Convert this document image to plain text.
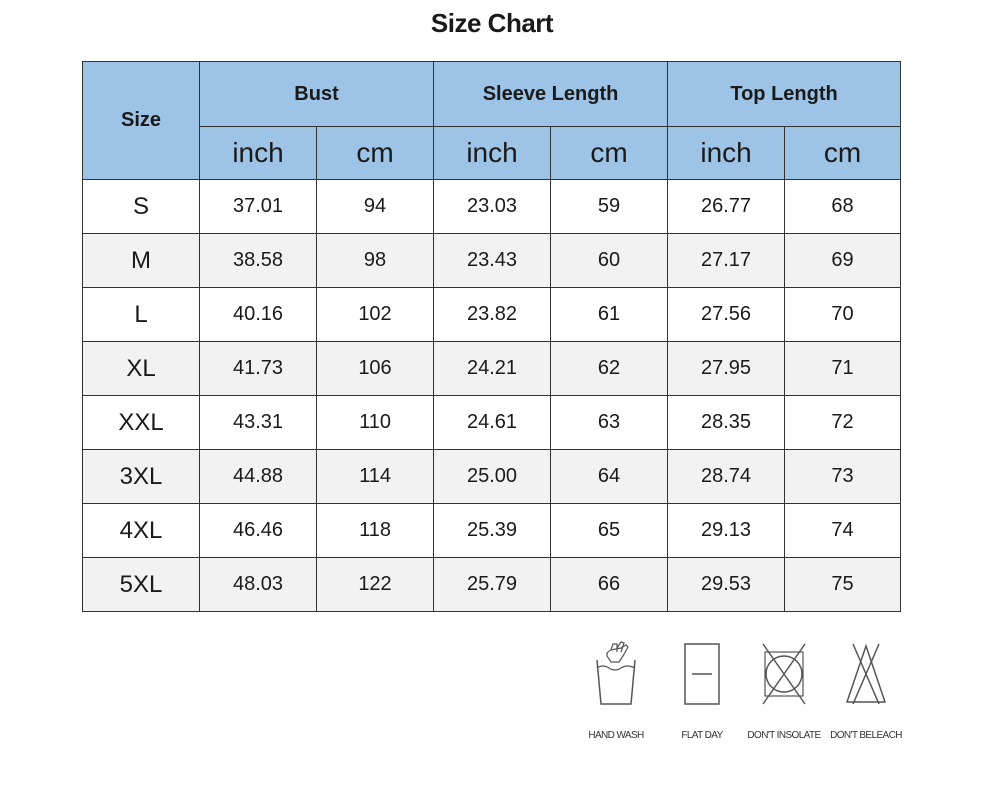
Size Chart
Size	Bust		Sleeve Length		Top Length	
	inch	cm	inch	cm	inch	cm
S	37.01	94	23.03	59	26.77	68
M	38.58	98	23.43	60	27.17	69
L	40.16	102	23.82	61	27.56	70
XL	41.73	106	24.21	62	27.95	71
XXL	43.31	110	24.61	63	28.35	72
3XL	44.88	114	25.00	64	28.74	73
4XL	46.46	118	25.39	65	29.13	74
5XL	48.03	122	25.79	66	29.53	75
HAND WASH	FLAT DAY	DON'T INSOLATE DON'T BELEACH
